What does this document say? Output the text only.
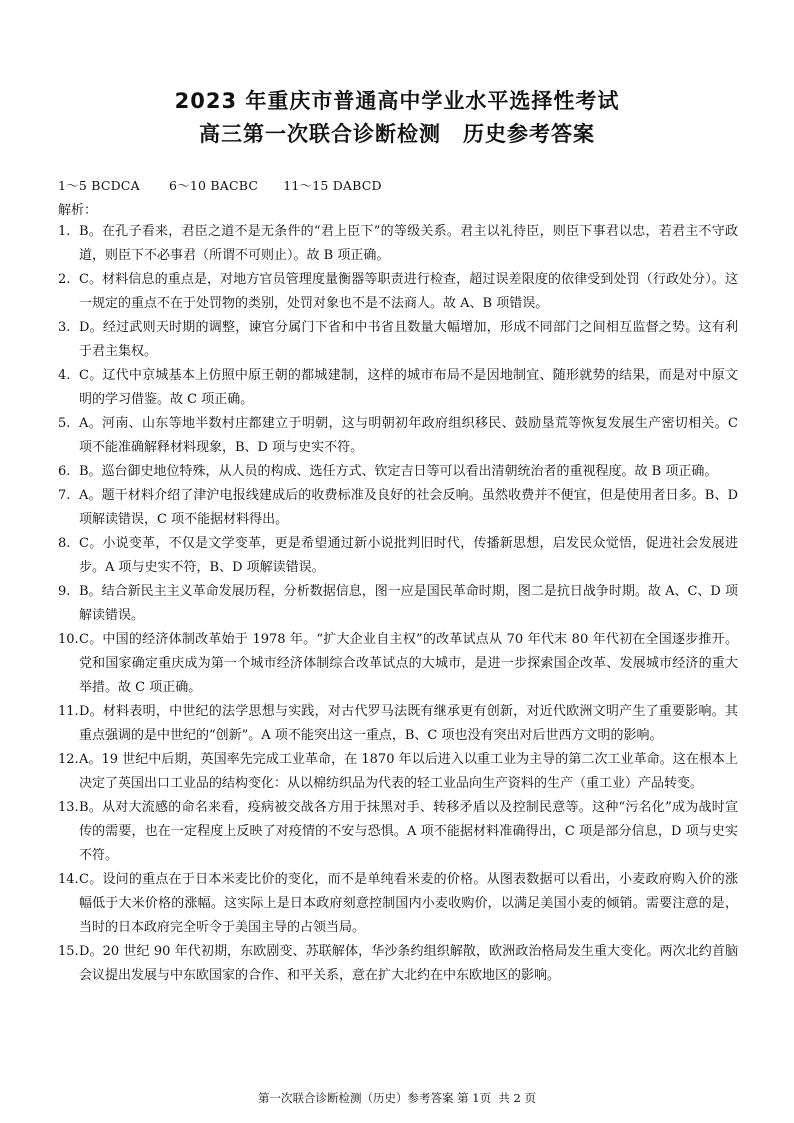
2023 年重庆市普通高中学业水平选择性考试
高三第一次联合诊断检测　历史参考答案
1～5 BCDCA 6～10 BACBC 11～15 DABCD
解析：
1. B。在孔子看来，君臣之道不是无条件的“君上臣下”的等级关系。君主以礼待臣，则臣下事君以忠，若君主不守政道，则臣下不必事君（所谓不可则止）。故 B 项正确。
2. C。材料信息的重点是，对地方官员管理度量衡器等职责进行检查，超过误差限度的依律受到处罚（行政处分）。这一规定的重点不在于处罚物的类别，处罚对象也不是不法商人。故 A、B 项错误。
3. D。经过武则天时期的调整，谏官分属门下省和中书省且数量大幅增加，形成不同部门之间相互监督之势。这有利于君主集权。
4. C。辽代中京城基本上仿照中原王朝的都城建制，这样的城市布局不是因地制宜、随形就势的结果，而是对中原文明的学习借鉴。故 C 项正确。
5. A。河南、山东等地半数村庄都建立于明朝，这与明朝初年政府组织移民、鼓励垦荒等恢复发展生产密切相关。C 项不能准确解释材料现象，B、D 项与史实不符。
6. B。巡台御史地位特殊，从人员的构成、选任方式、钦定吉日等可以看出清朝统治者的重视程度。故 B 项正确。
7. A。题干材料介绍了津沪电报线建成后的收费标准及良好的社会反响。虽然收费并不便宜，但是使用者日多。B、D 项解读错误，C 项不能据材料得出。
8. C。小说变革，不仅是文学变革，更是希望通过新小说批判旧时代，传播新思想，启发民众觉悟，促进社会发展进步。A 项与史实不符，B、D 项解读错误。
9. B。结合新民主主义革命发展历程，分析数据信息，图一应是国民革命时期，图二是抗日战争时期。故 A、C、D 项解读错误。
10. C。中国的经济体制改革始于 1978 年。“扩大企业自主权”的改革试点从 70 年代末 80 年代初在全国逐步推开。党和国家确定重庆成为第一个城市经济体制综合改革试点的大城市，是进一步探索国企改革、发展城市经济的重大举措。故 C 项正确。
11. D。材料表明，中世纪的法学思想与实践，对古代罗马法既有继承更有创新，对近代欧洲文明产生了重要影响。其重点强调的是中世纪的“创新”。A 项不能突出这一重点，B、C 项也没有突出对后世西方文明的影响。
12. A。19 世纪中后期，英国率先完成工业革命，在 1870 年以后进入以重工业为主导的第二次工业革命。这在根本上决定了英国出口工业品的结构变化：从以棉纺织品为代表的轻工业品向生产资料的生产（重工业）产品转变。
13. B。从对大流感的命名来看，疫病被交战各方用于抹黑对手、转移矛盾以及控制民意等。这种“污名化”成为战时宣传的需要，也在一定程度上反映了对疫情的不安与恐惧。A 项不能据材料准确得出，C 项是部分信息，D 项与史实不符。
14. C。设问的重点在于日本米麦比价的变化，而不是单纯看米麦的价格。从图表数据可以看出，小麦政府购入价的涨幅低于大米价格的涨幅。这实际上是日本政府刻意控制国内小麦收购价，以满足美国小麦的倾销。需要注意的是，当时的日本政府完全听令于美国主导的占领当局。
15. D。20 世纪 90 年代初期，东欧剧变、苏联解体，华沙条约组织解散，欧洲政治格局发生重大变化。两次北约首脑会议提出发展与中东欧国家的合作、和平关系，意在扩大北约在中东欧地区的影响。
第一次联合诊断检测（历史）参考答案 第 1页 共 2 页
